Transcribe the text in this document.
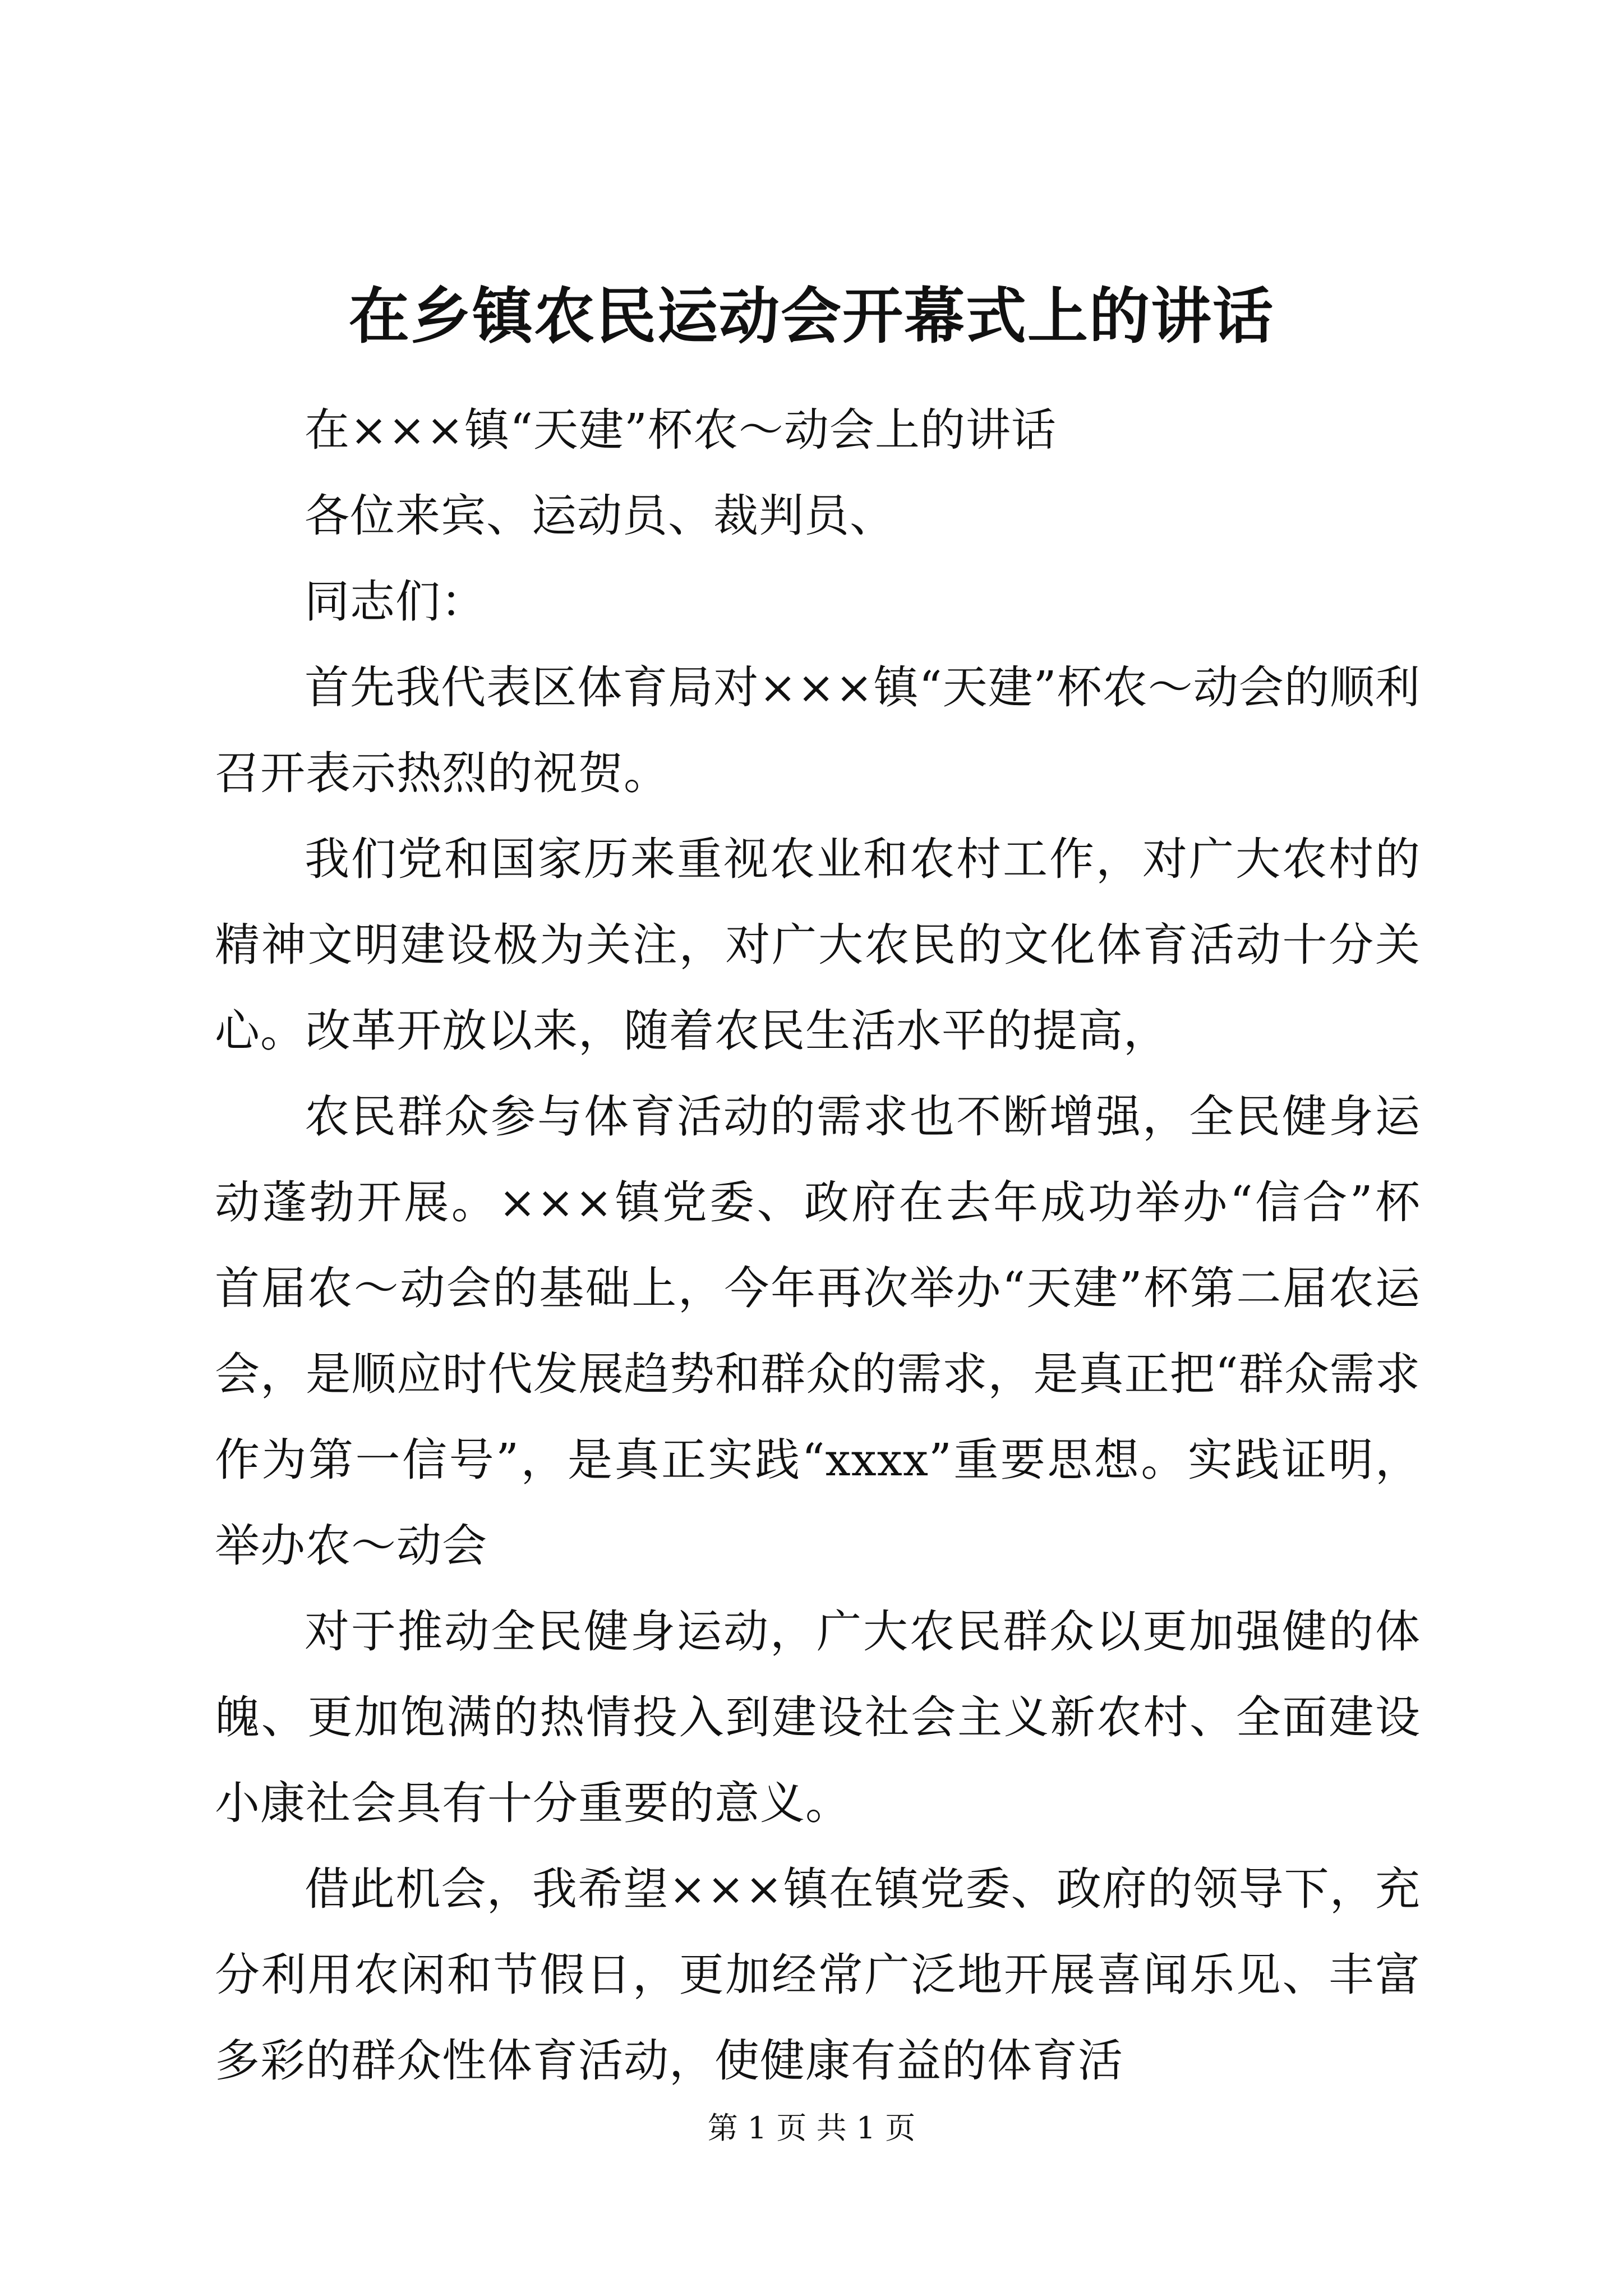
在乡镇农民运动会开幕式上的讲话

在×××镇“天建”杯农～动会上的讲话

各位来宾、运动员、裁判员、

同志们：

首先我代表区体育局对×××镇“天建”杯农～动会的顺利召开表示热烈的祝贺。

我们党和国家历来重视农业和农村工作，对广大农村的精神文明建设极为关注，对广大农民的文化体育活动十分关心。改革开放以来，随着农民生活水平的提高，

农民群众参与体育活动的需求也不断增强，全民健身运动蓬勃开展。×××镇党委、政府在去年成功举办“信合”杯首届农～动会的基础上，今年再次举办“天建”杯第二届农运会，是顺应时代发展趋势和群众的需求，是真正把“群众需求作为第一信号”，是真正实践“xxxx”重要思想。实践证明，举办农～动会

对于推动全民健身运动，广大农民群众以更加强健的体魄、更加饱满的热情投入到建设社会主义新农村、全面建设小康社会具有十分重要的意义。

借此机会，我希望×××镇在镇党委、政府的领导下，充分利用农闲和节假日，更加经常广泛地开展喜闻乐见、丰富多彩的群众性体育活动，使健康有益的体育活

第 1 页 共 1 页
